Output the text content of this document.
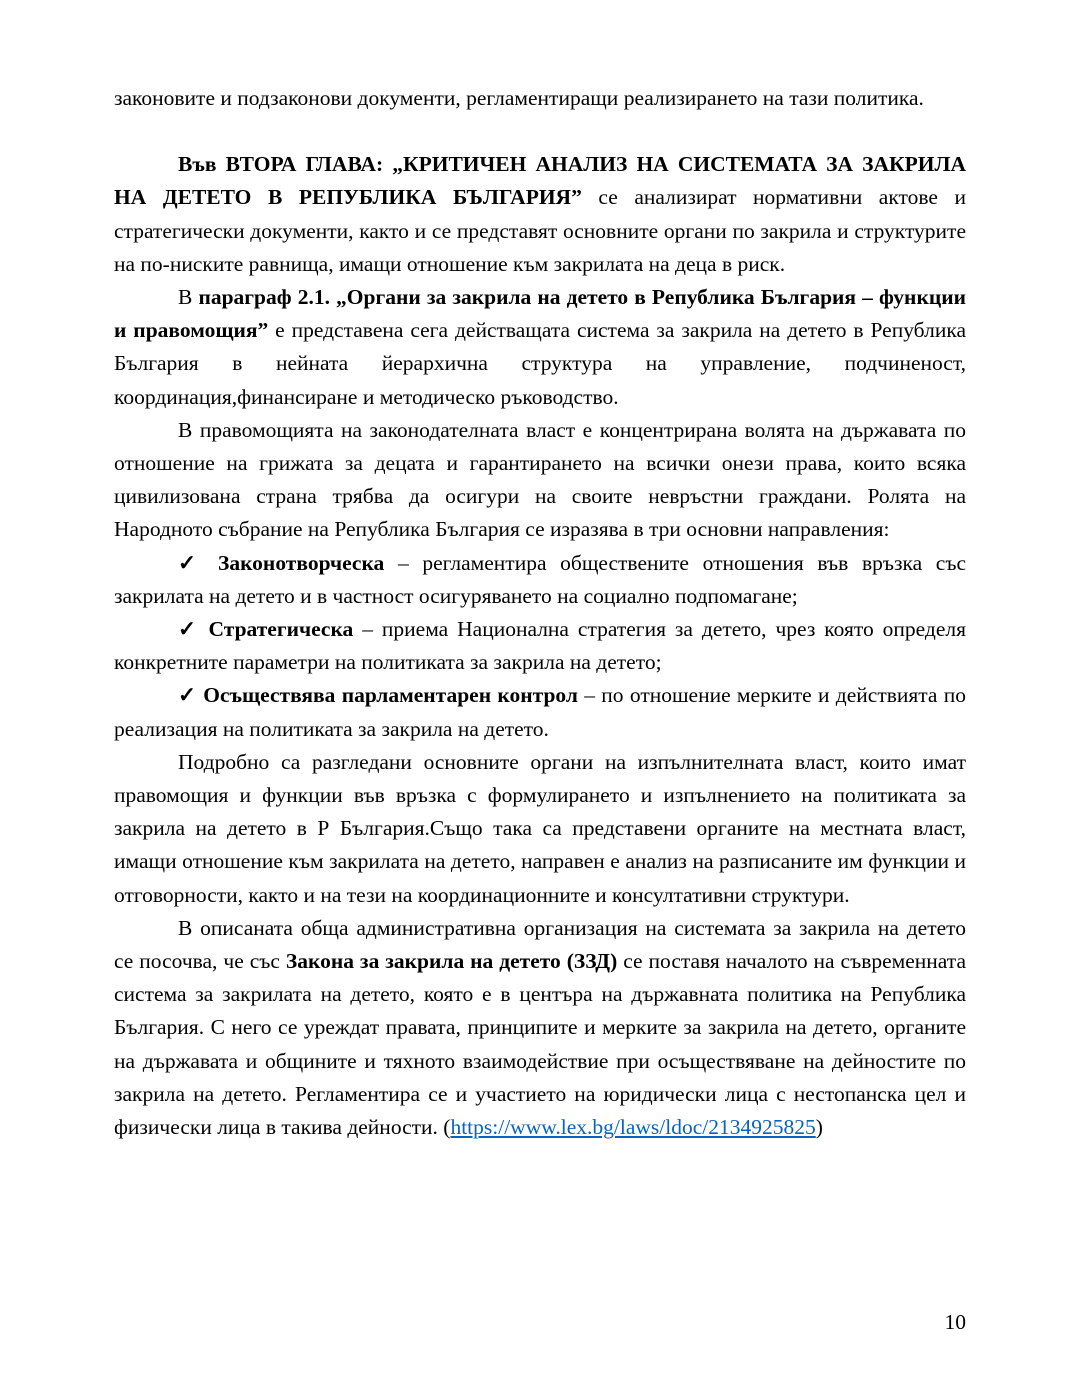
законовите и подзаконови документи, регламентиращи реализирането на тази политика.

Във ВТОРА ГЛАВА: „КРИТИЧЕН АНАЛИЗ НА СИСТЕМАТА ЗА ЗАКРИЛА НА ДЕТЕТО В РЕПУБЛИКА БЪЛГАРИЯ” се анализират нормативни актове и стратегически документи, както и се представят основните органи по закрила и структурите на по-ниските равнища, имащи отношение към закрилата на деца в риск.

В параграф 2.1. „Органи за закрила на детето в Република България – функции и правомощия” е представена сега действащата система за закрила на детето в Република България в нейната йерархична структура на управление, подчиненост, координация,финансиране и методическо ръководство.

В правомощията на законодателната власт е концентрирана волята на държавата по отношение на грижата за децата и гарантирането на всички онези права, които всяка цивилизована страна трябва да осигури на своите невръстни граждани. Ролята на Народното събрание на Република България се изразява в три основни направления:

✓ Законотворческа – регламентира обществените отношения във връзка със закрилата на детето и в частност осигуряването на социално подпомагане;

✓ Стратегическа – приема Национална стратегия за детето, чрез която определя конкретните параметри на политиката за закрила на детето;

✓ Осъществява парламентарен контрол – по отношение мерките и действията по реализация на политиката за закрила на детето.

Подробно са разгледани основните органи на изпълнителната власт, които имат правомощия и функции във връзка с формулирането и изпълнението на политиката за закрила на детето в Р България.Също така са представени органите на местната власт, имащи отношение към закрилата на детето, направен е анализ на разписаните им функции и отговорности, както и на тези на координационните и консултативни структури.

В описаната обща административна организация на системата за закрила на детето се посочва, че със Закона за закрила на детето (ЗЗД) се поставя началото на съвременната система за закрилата на детето, която е в центъра на държавната политика на Република България. С него се уреждат правата, принципите и мерките за закрила на детето, органите на държавата и общините и тяхното взаимодействие при осъществяване на дейностите по закрила на детето. Регламентира се и участието на юридически лица с нестопанска цел и физически лица в такива дейности. (https://www.lex.bg/laws/ldoc/2134925825)

10
